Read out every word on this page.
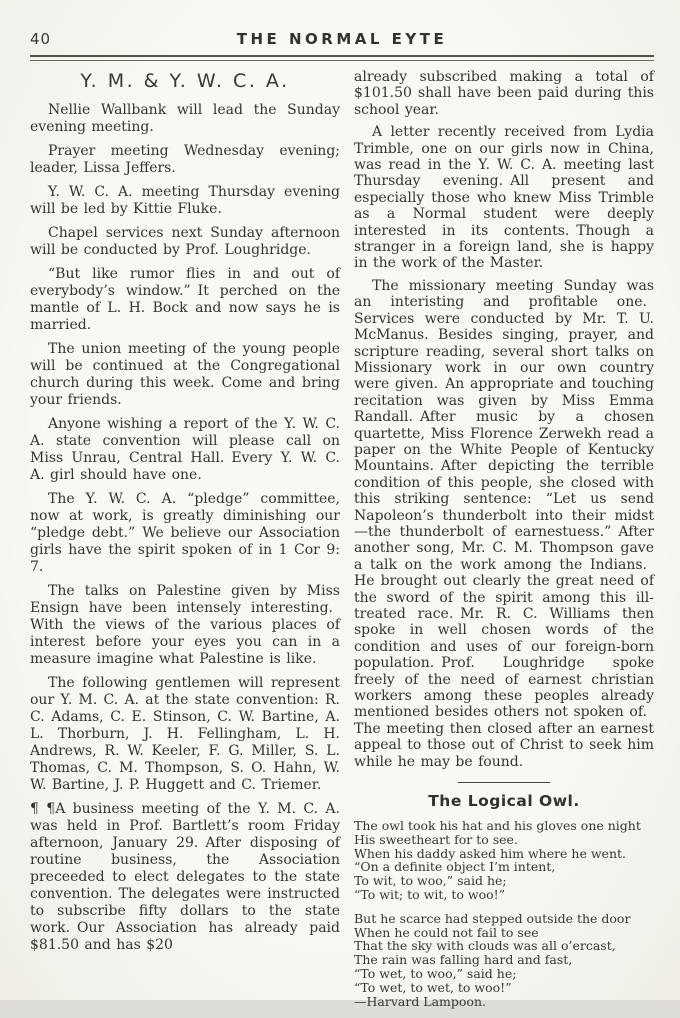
40	THE NORMAL EYTE
Y. M. & Y. W. C. A.

Nellie Wallbank will lead the Sunday evening meeting.

Prayer meeting Wednesday evening; leader, Lissa Jeffers.

Y. W. C. A. meeting Thursday evening will be led by Kittie Fluke.

Chapel services next Sunday afternoon will be conducted by Prof. Loughridge.

“But like rumor flies in and out of everybody’s window.” It perched on the mantle of L. H. Bock and now says he is married.

The union meeting of the young people will be continued at the Congregational church during this week. Come and bring your friends.

Anyone wishing a report of the Y. W. C. A. state convention will please call on Miss Unrau, Central Hall. Every Y. W. C. A. girl should have one.

The Y. W. C. A. “pledge” committee, now at work, is greatly diminishing our “pledge debt.” We believe our Association girls have the spirit spoken of in 1 Cor 9: 7.

The talks on Palestine given by Miss Ensign have been intensely interesting. With the views of the various places of interest before your eyes you can in a measure imagine what Palestine is like.

The following gentlemen will represent our Y. M. C. A. at the state convention: R. C. Adams, C. E. Stinson, C. W. Bartine, A. L. Thorburn, J. H. Fellingham, L. H. Andrews, R. W. Keeler, F. G. Miller, S. L. Thomas, C. M. Thompson, S. O. Hahn, W. W. Bartine, J. P. Huggett and C. Triemer.

¶ ¶A business meeting of the Y. M. C. A. was held in Prof. Bartlett’s room Friday afternoon, January 29. After disposing of routine business, the Association preceeded to elect delegates to the state convention. The delegates were instructed to subscribe fifty dollars to the state work. Our Association has already paid $81.50 and has $20

already subscribed making a total of $101.50 shall have been paid during this school year.

A letter recently received from Lydia Trimble, one on our girls now in China, was read in the Y. W. C. A. meeting last Thursday evening. All present and especially those who knew Miss Trimble as a Normal student were deeply interested in its contents. Though a stranger in a foreign land, she is happy in the work of the Master.

The missionary meeting Sunday was an interisting and profitable one. Services were conducted by Mr. T. U. McManus. Besides singing, prayer, and scripture reading, several short talks on Missionary work in our own country were given. An appropriate and touching recitation was given by Miss Emma Randall. After music by a chosen quartette, Miss Florence Zerwekh read a paper on the White People of Kentucky Mountains. After depicting the terrible condition of this people, she closed with this striking sentence: “Let us send Napoleon’s thunderbolt into their midst—the thunderbolt of earnestuess.” After another song, Mr. C. M. Thompson gave a talk on the work among the Indians. He brought out clearly the great need of the sword of the spirit among this ill-treated race. Mr. R. C. Williams then spoke in well chosen words of the condition and uses of our foreign-born population. Prof. Loughridge spoke freely of the need of earnest christian workers among these peoples already mentioned besides others not spoken of. The meeting then closed after an earnest appeal to those out of Christ to seek him while he may be found.

The Logical Owl.
The owl took his hat and his gloves one night
His sweetheart for to see.
When his daddy asked him where he went.
“On a definite object I’m intent,
To wit, to woo,” said he;
“To wit; to wit, to woo!”
But he scarce had stepped outside the door
When he could not fail to see
That the sky with clouds was all o’ercast,
The rain was falling hard and fast,
“To wet, to woo,” said he;
“To wet, to wet, to woo!”
—Harvard Lampoon.
